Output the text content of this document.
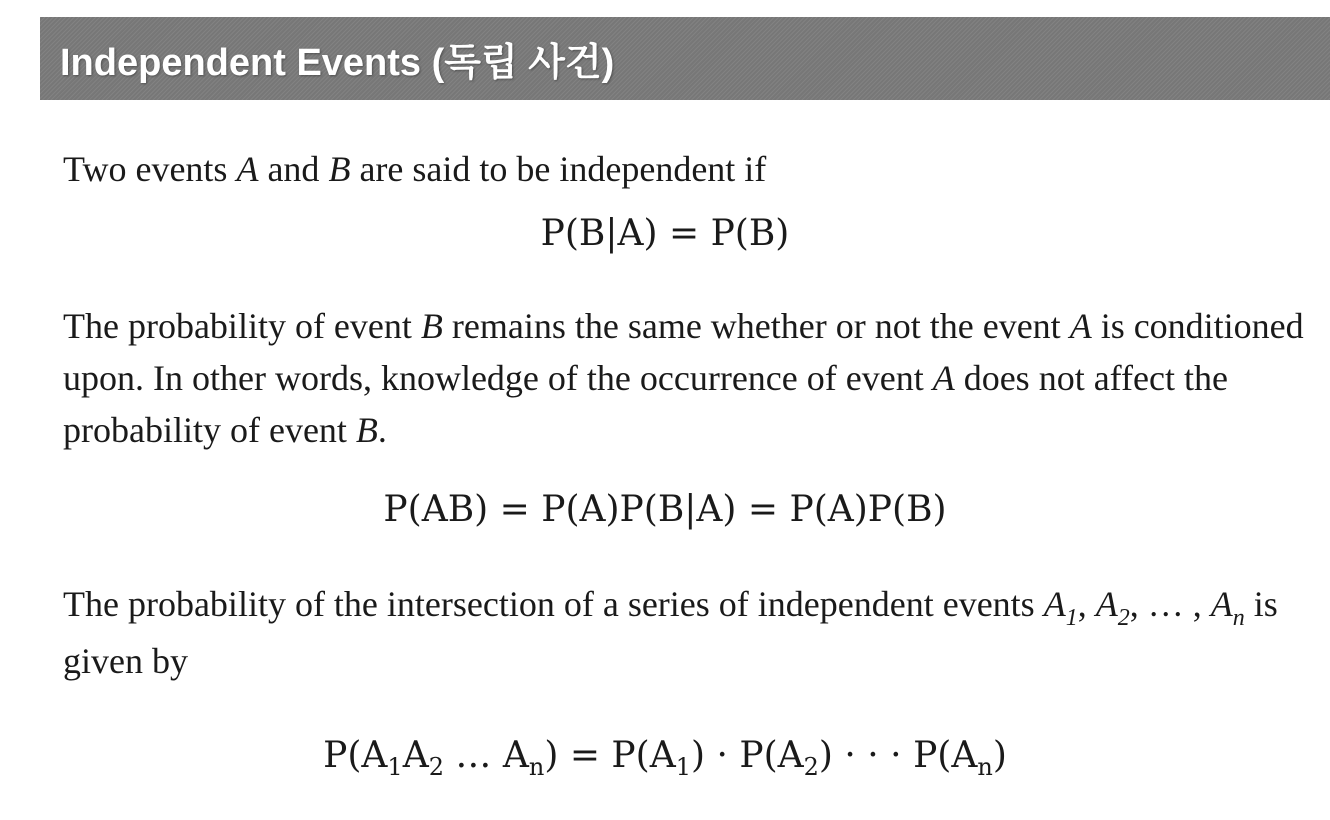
Independent Events (독립 사건)
Two events A and B are said to be independent if
P(B|A) = P(B)
The probability of event B remains the same whether or not the event A is conditioned upon. In other words, knowledge of the occurrence of event A does not affect the probability of event B.
P(AB) = P(A)P(B|A) = P(A)P(B)
The probability of the intersection of a series of independent events $A_1$, $A_2$, … , $A_n$ is given by
$P(A_1A_2$ … $A_n) = P(A_1) \cdot P(A_2)$ · · · $P(A_n)$
